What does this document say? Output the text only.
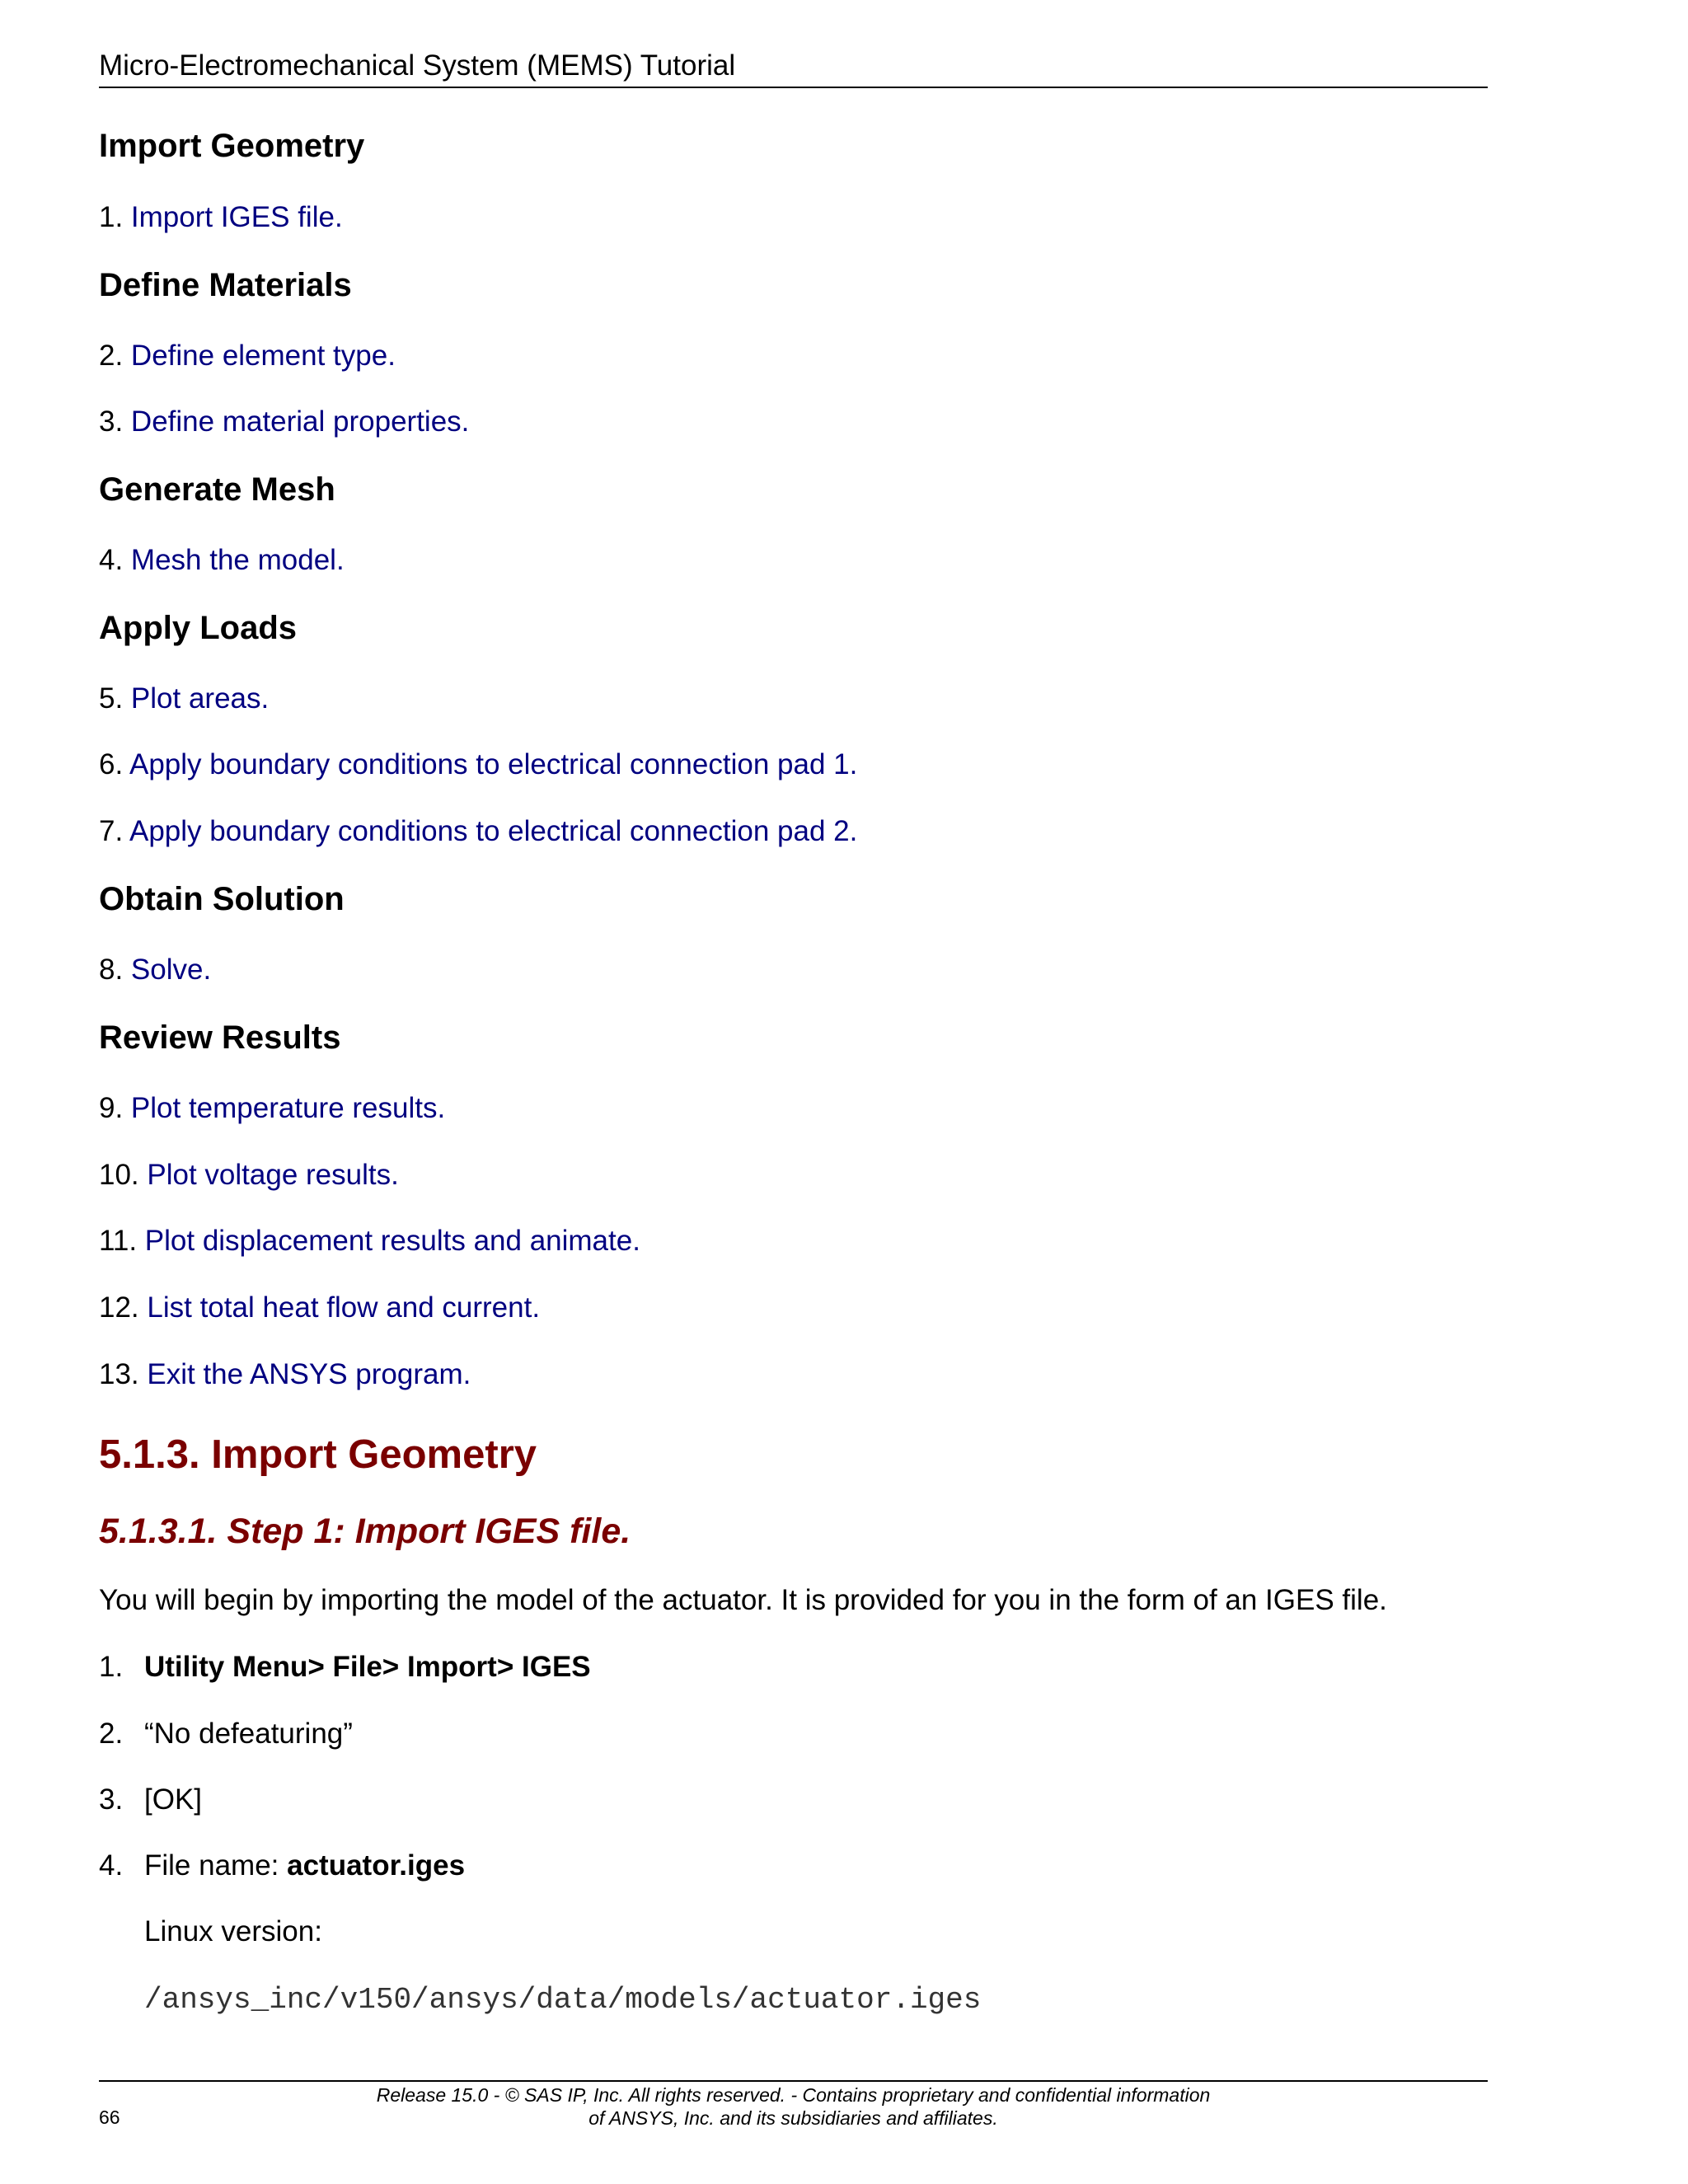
Micro-Electromechanical System (MEMS) Tutorial
Import Geometry
1. Import IGES file.
Define Materials
2. Define element type.
3. Define material properties.
Generate Mesh
4. Mesh the model.
Apply Loads
5. Plot areas.
6. Apply boundary conditions to electrical connection pad 1.
7. Apply boundary conditions to electrical connection pad 2.
Obtain Solution
8. Solve.
Review Results
9. Plot temperature results.
10. Plot voltage results.
11. Plot displacement results and animate.
12. List total heat flow and current.
13. Exit the ANSYS program.
5.1.3. Import Geometry
5.1.3.1. Step 1: Import IGES file.
You will begin by importing the model of the actuator. It is provided for you in the form of an IGES file.
1. Utility Menu> File> Import> IGES
2. “No defeaturing”
3. [OK]
4. File name: actuator.iges
Linux version:
/ansys_inc/v150/ansys/data/models/actuator.iges
Release 15.0 - © SAS IP, Inc. All rights reserved. - Contains proprietary and confidential information
of ANSYS, Inc. and its subsidiaries and affiliates.
66
